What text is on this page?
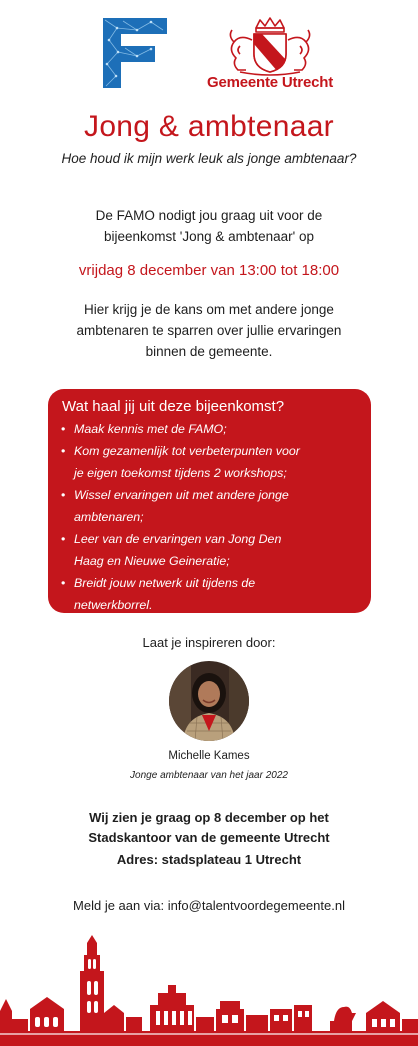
Gemeente Utrecht
Jong & ambtenaar
Hoe houd ik mijn werk leuk als jonge ambtenaar?
De FAMO nodigt jou graag uit voor de
bijeenkomst 'Jong & ambtenaar' op
vrijdag 8 december van 13:00 tot 18:00
Hier krijg je de kans om met andere jonge
ambtenaren te sparren over jullie ervaringen
binnen de gemeente.
Wat haal jij uit deze bijeenkomst?
• Maak kennis met de FAMO;
• Kom gezamenlijk tot verbeterpunten voor
je eigen toekomst tijdens 2 workshops;
• Wissel ervaringen uit met andere jonge
ambtenaren;
• Leer van de ervaringen van Jong Den
Haag en Nieuwe Geineratie;
• Breidt jouw netwerk uit tijdens de
netwerkborrel.
Laat je inspireren door:
Michelle Kames
Jonge ambtenaar van het jaar 2022
Wij zien je graag op 8 december op het
Stadskantoor van de gemeente Utrecht
Adres: stadsplateau 1 Utrecht
Meld je aan via: info@talentvoordegemeente.nl
